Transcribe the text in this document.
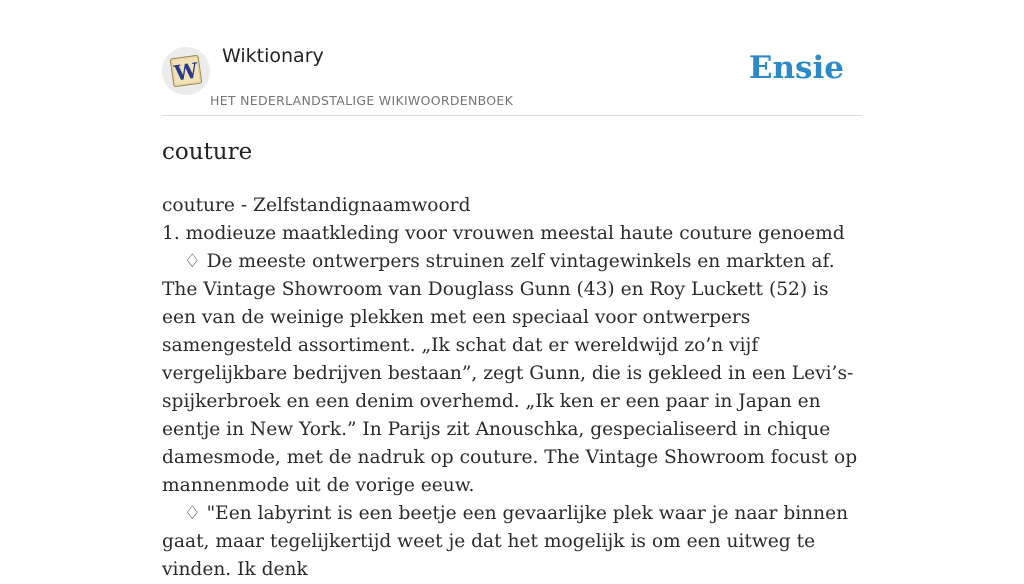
W
Wiktionary
HET NEDERLANDSTALIGE WIKIWOORDENBOEK
Ensie
couture

couture - Zelfstandignaamwoord

1. modieuze maatkleding voor vrouwen meestal haute couture genoemd

♢ De meeste ontwerpers struinen zelf vintagewinkels en markten af. The Vintage Showroom van Douglass Gunn (43) en Roy Luckett (52) is een van de weinige plekken met een speciaal voor ontwerpers samengesteld assortiment. „Ik schat dat er wereldwijd zo’n vijf vergelijkbare bedrijven bestaan”, zegt Gunn, die is gekleed in een Levi’s-spijkerbroek en een denim overhemd. „Ik ken er een paar in Japan en eentje in New York.” In Parijs zit Anouschka, gespecialiseerd in chique damesmode, met de nadruk op couture. The Vintage Showroom focust op mannenmode uit de vorige eeuw.

♢ "Een labyrint is een beetje een gevaarlijke plek waar je naar binnen gaat, maar tegelijkertijd weet je dat het mogelijk is om een uitweg te vinden. Ik denk
